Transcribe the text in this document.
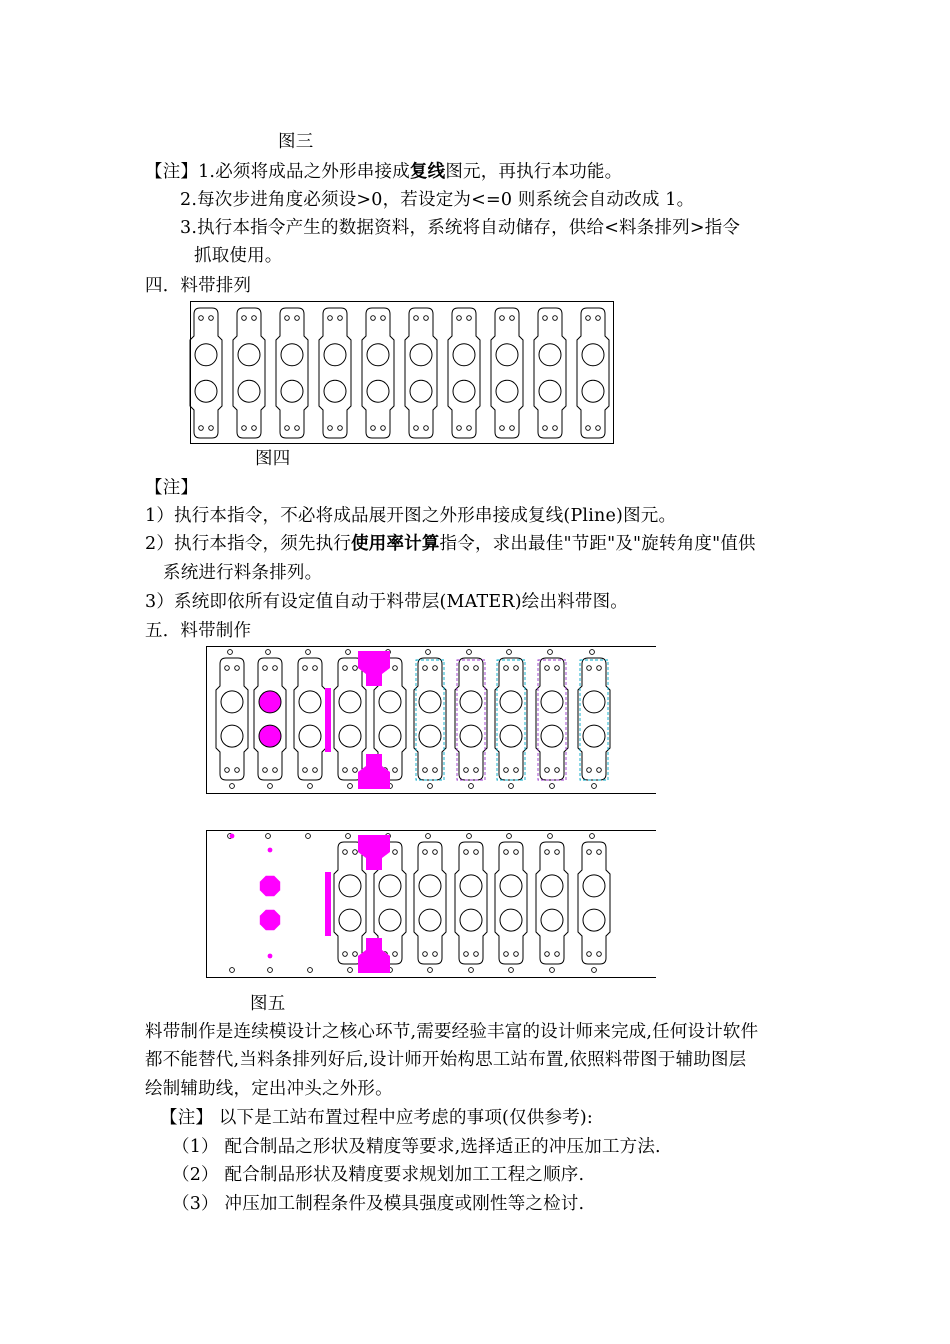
图三
【注】1.必须将成品之外形串接成复线图元，再执行本功能。
2.每次步进角度必须设>0，若设定为<=0 则系统会自动改成 1。
3.执行本指令产生的数据资料，系统将自动储存，供给<料条排列>指令
抓取使用。
四．料带排列
图四
【注】
1）执行本指令，不必将成品展开图之外形串接成复线(Pline)图元。
2）执行本指令，须先执行使用率计算指令，求出最佳"节距"及"旋转角度"值供
系统进行料条排列。
3）系统即依所有设定值自动于料带层(MATER)绘出料带图。
五．料带制作
图五
料带制作是连续模设计之核心环节,需要经验丰富的设计师来完成,任何设计软件
都不能替代,当料条排列好后,设计师开始构思工站布置,依照料带图于辅助图层
绘制辅助线，定出冲头之外形。
【注】 以下是工站布置过程中应考虑的事项(仅供参考):
（1） 配合制品之形状及精度等要求,选择适正的冲压加工方法.
（2） 配合制品形状及精度要求规划加工工程之顺序.
（3） 冲压加工制程条件及模具强度或刚性等之检讨.
